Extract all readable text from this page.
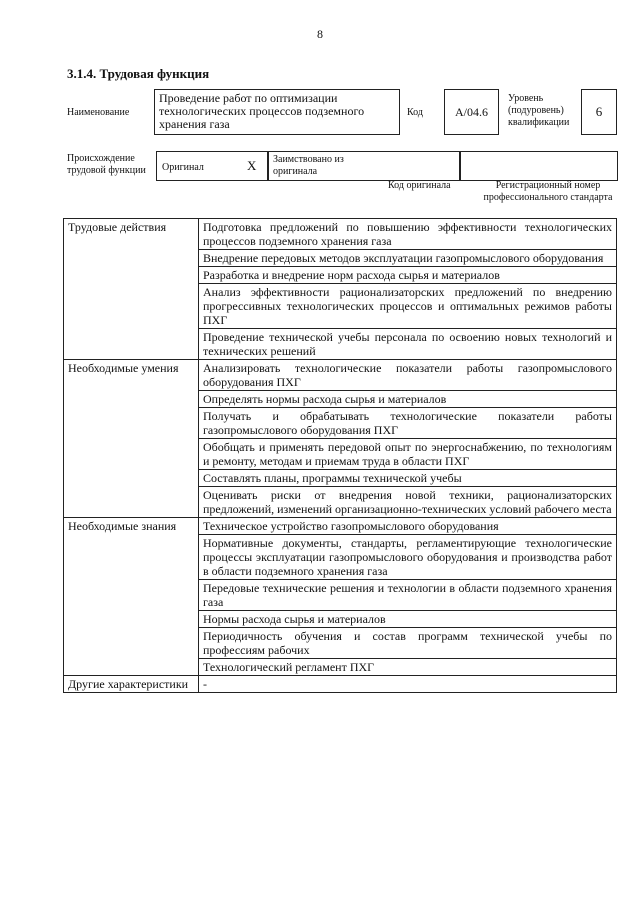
8
3.1.4. Трудовая функция
Наименование
Проведение работ по оптимизации технологических процессов подземного хранения газа
Код	A/04.6
Уровень (подуровень) квалификации
6
Происхождение трудовой функции	Оригинал	X Заимствовано из оригинала
Код оригинала	Регистрационный номер профессионального стандарта
Трудовые действия	Подготовка предложений по повышению эффективности технологических процессов подземного хранения газа
	Внедрение передовых методов эксплуатации газопромыслового оборудования
	Разработка и внедрение норм расхода сырья и материалов
	Анализ эффективности рационализаторских предложений по внедрению прогрессивных технологических процессов и оптимальных режимов работы ПХГ
	Проведение технической учебы персонала по освоению новых технологий и технических решений
Необходимые умения	Анализировать технологические показатели работы газопромыслового оборудования ПХГ
	Определять нормы расхода сырья и материалов
	Получать и обрабатывать технологические показатели работы газопромыслового оборудования ПХГ
	Обобщать и применять передовой опыт по энергоснабжению, по технологиям и ремонту, методам и приемам труда в области ПХГ
	Составлять планы, программы технической учебы
	Оценивать риски от внедрения новой техники, рационализаторских предложений, изменений организационно-технических условий рабочего места
Необходимые знания	Техническое устройство газопромыслового оборудования
	Нормативные документы, стандарты, регламентирующие технологические процессы эксплуатации газопромыслового оборудования и производства работ в области подземного хранения газа
	Передовые технические решения и технологии в области подземного хранения газа
	Нормы расхода сырья и материалов
	Периодичность обучения и состав программ технической учебы по профессиям рабочих
	Технологический регламент ПХГ
Другие характеристики	-
